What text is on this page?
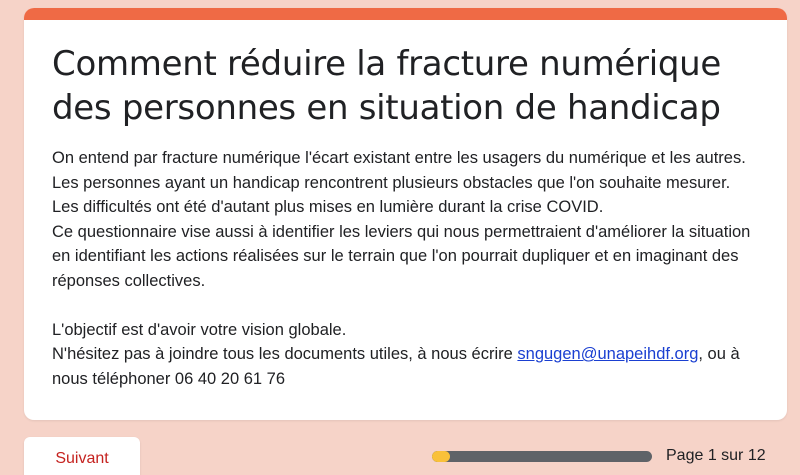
Comment réduire la fracture numérique
des personnes en situation de handicap

On entend par fracture numérique l'écart existant entre les usagers du numérique et les autres. Les personnes ayant un handicap rencontrent plusieurs obstacles que l'on souhaite mesurer. Les difficultés ont été d'autant plus mises en lumière durant la crise COVID.

Ce questionnaire vise aussi à identifier les leviers qui nous permettraient d'améliorer la situation en identifiant les actions réalisées sur le terrain que l'on pourrait dupliquer et en imaginant des réponses collectives.

L'objectif est d'avoir votre vision globale.

N'hésitez pas à joindre tous les documents utiles, à nous écrire sngugen@unapeihdf.org, ou à nous téléphoner 06 40 20 61 76

Suivant	Page 1 sur 12
